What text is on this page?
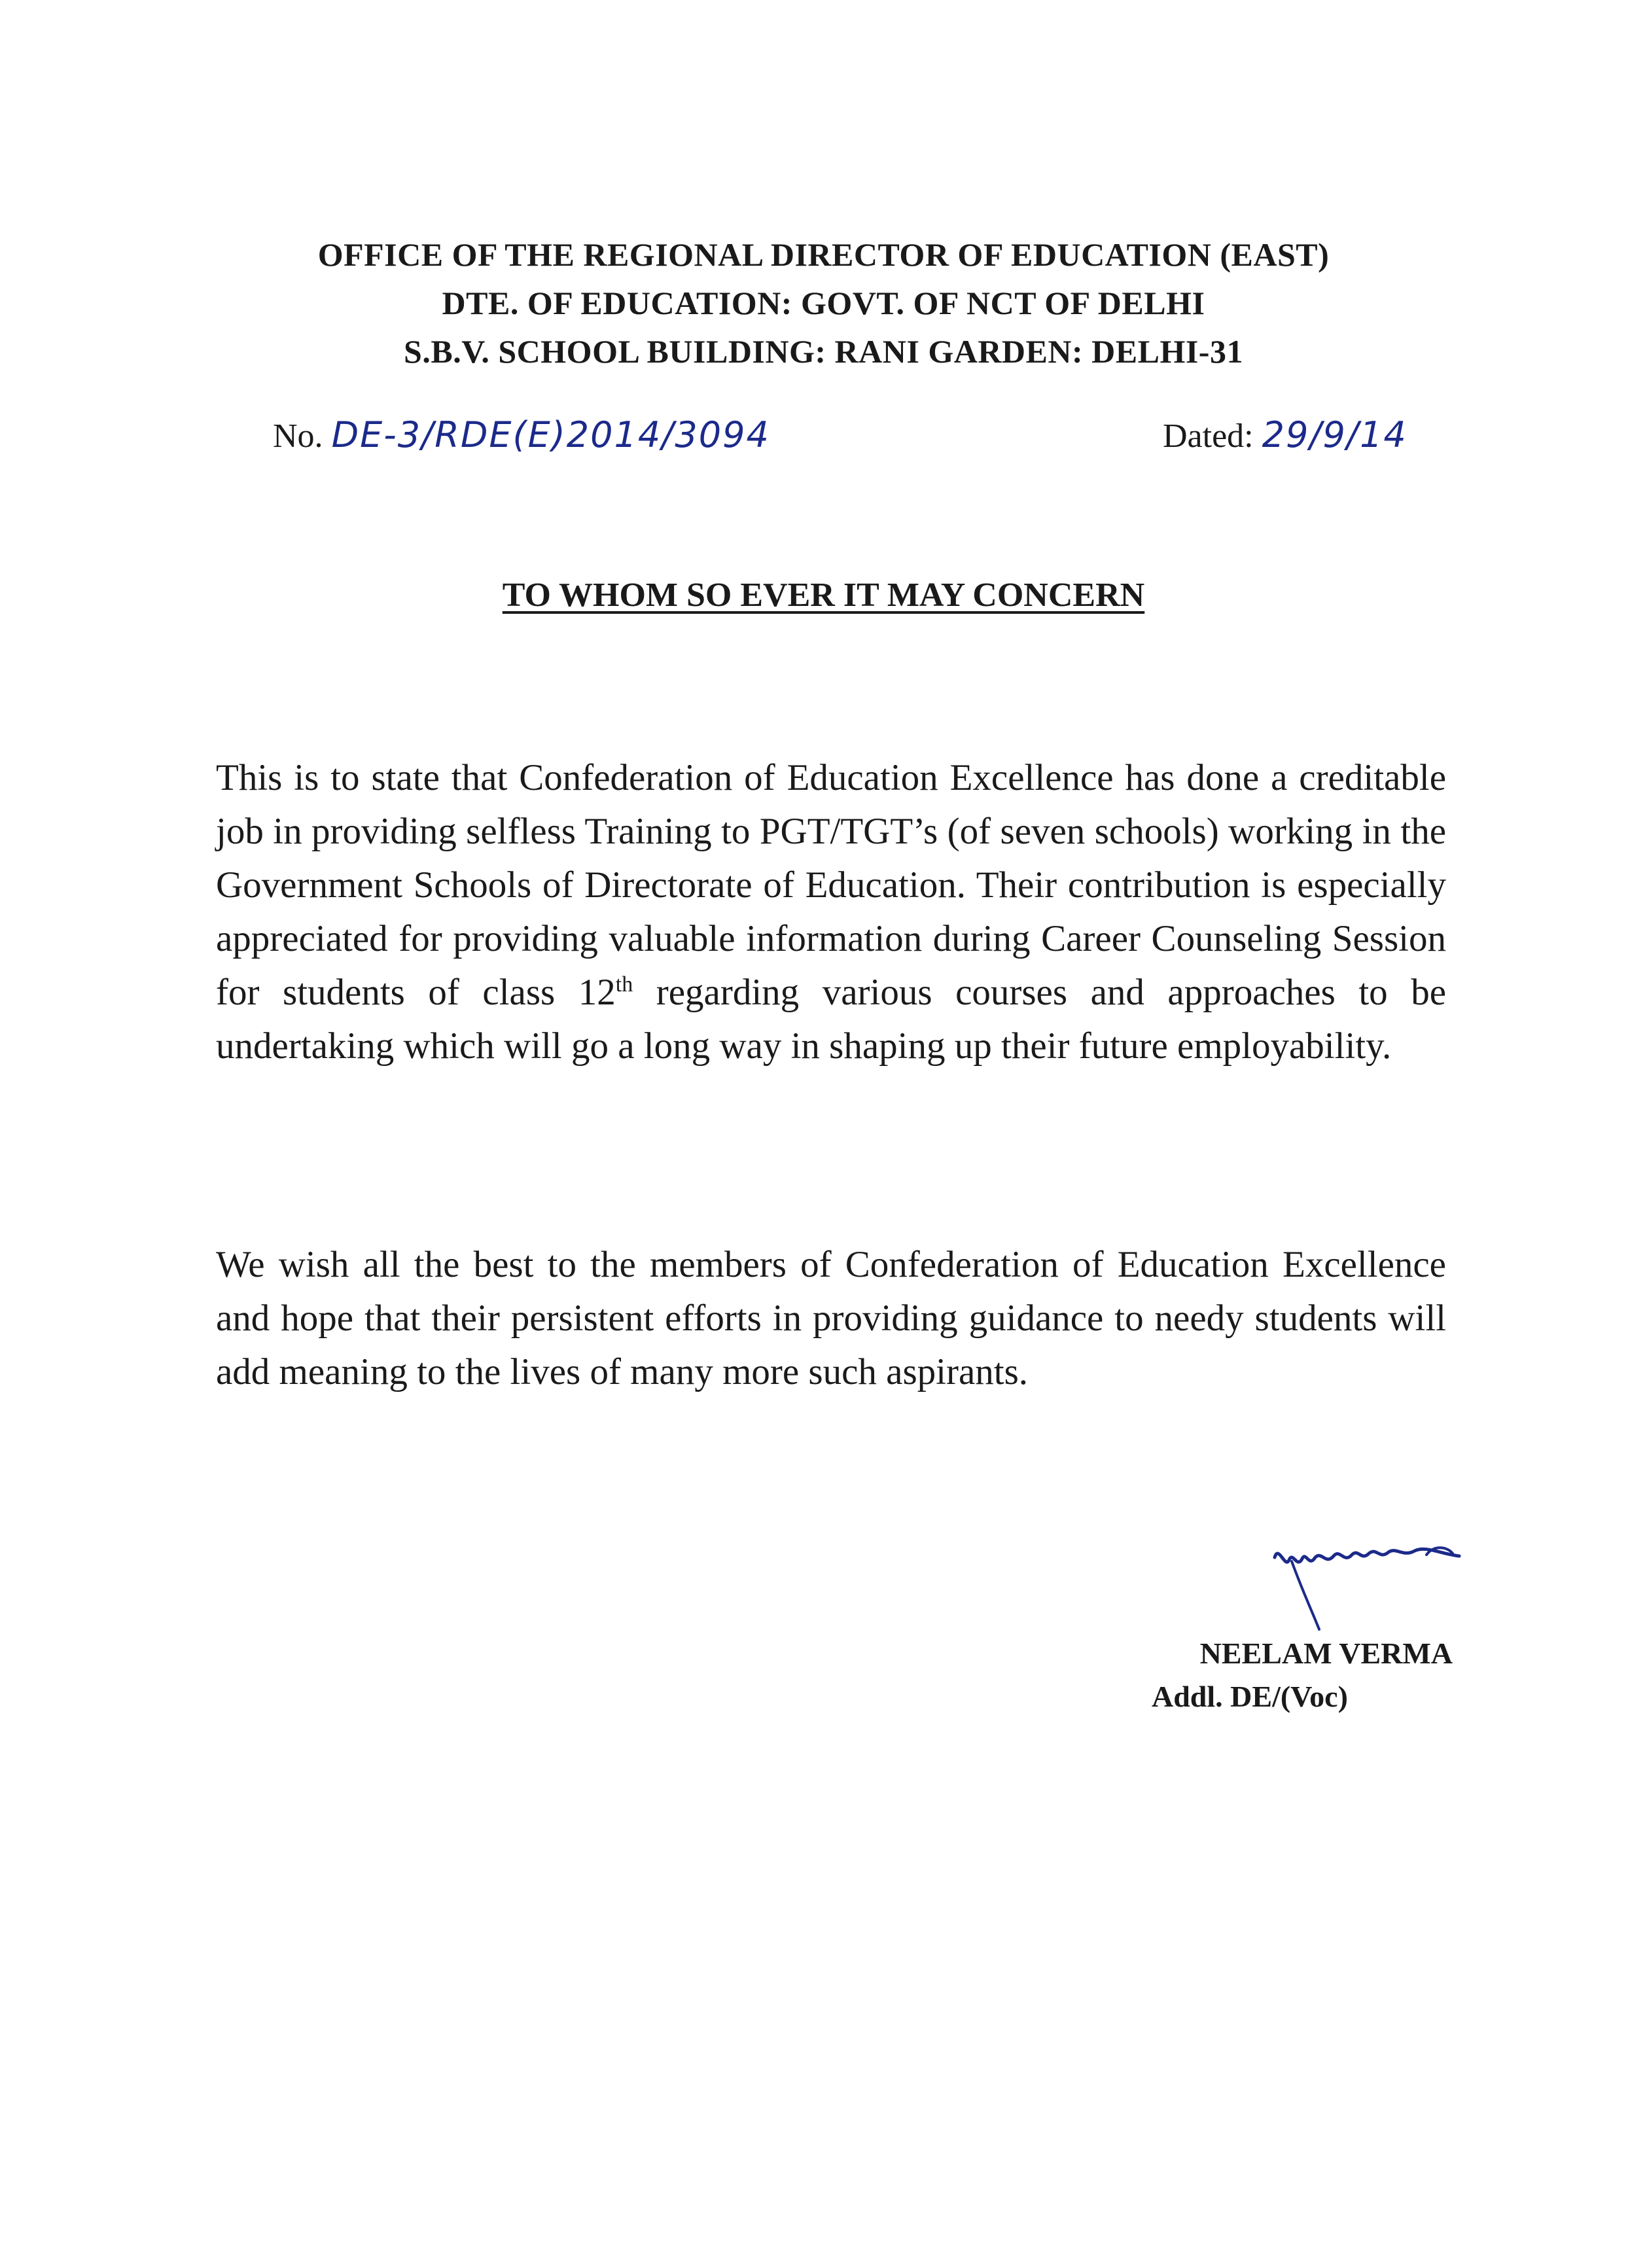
OFFICE OF THE REGIONAL DIRECTOR OF EDUCATION (EAST)
DTE. OF EDUCATION: GOVT. OF NCT OF DELHI
S.B.V. SCHOOL BUILDING: RANI GARDEN: DELHI-31
No. DE-3/RDE(E)2014/3094	Dated: 29/9/14
TO WHOM SO EVER IT MAY CONCERN
This is to state that Confederation of Education Excellence has done a creditable job in providing selfless Training to PGT/TGT’s (of seven schools) working in the Government Schools of Directorate of Education. Their contribution is especially appreciated for providing valuable information during Career Counseling Session for students of class 12th regarding various courses and approaches to be undertaking which will go a long way in shaping up their future employability.
We wish all the best to the members of Confederation of Education Excellence and hope that their persistent efforts in providing guidance to needy students will add meaning to the lives of many more such aspirants.
NEELAM VERMA
Addl. DE/(Voc)
